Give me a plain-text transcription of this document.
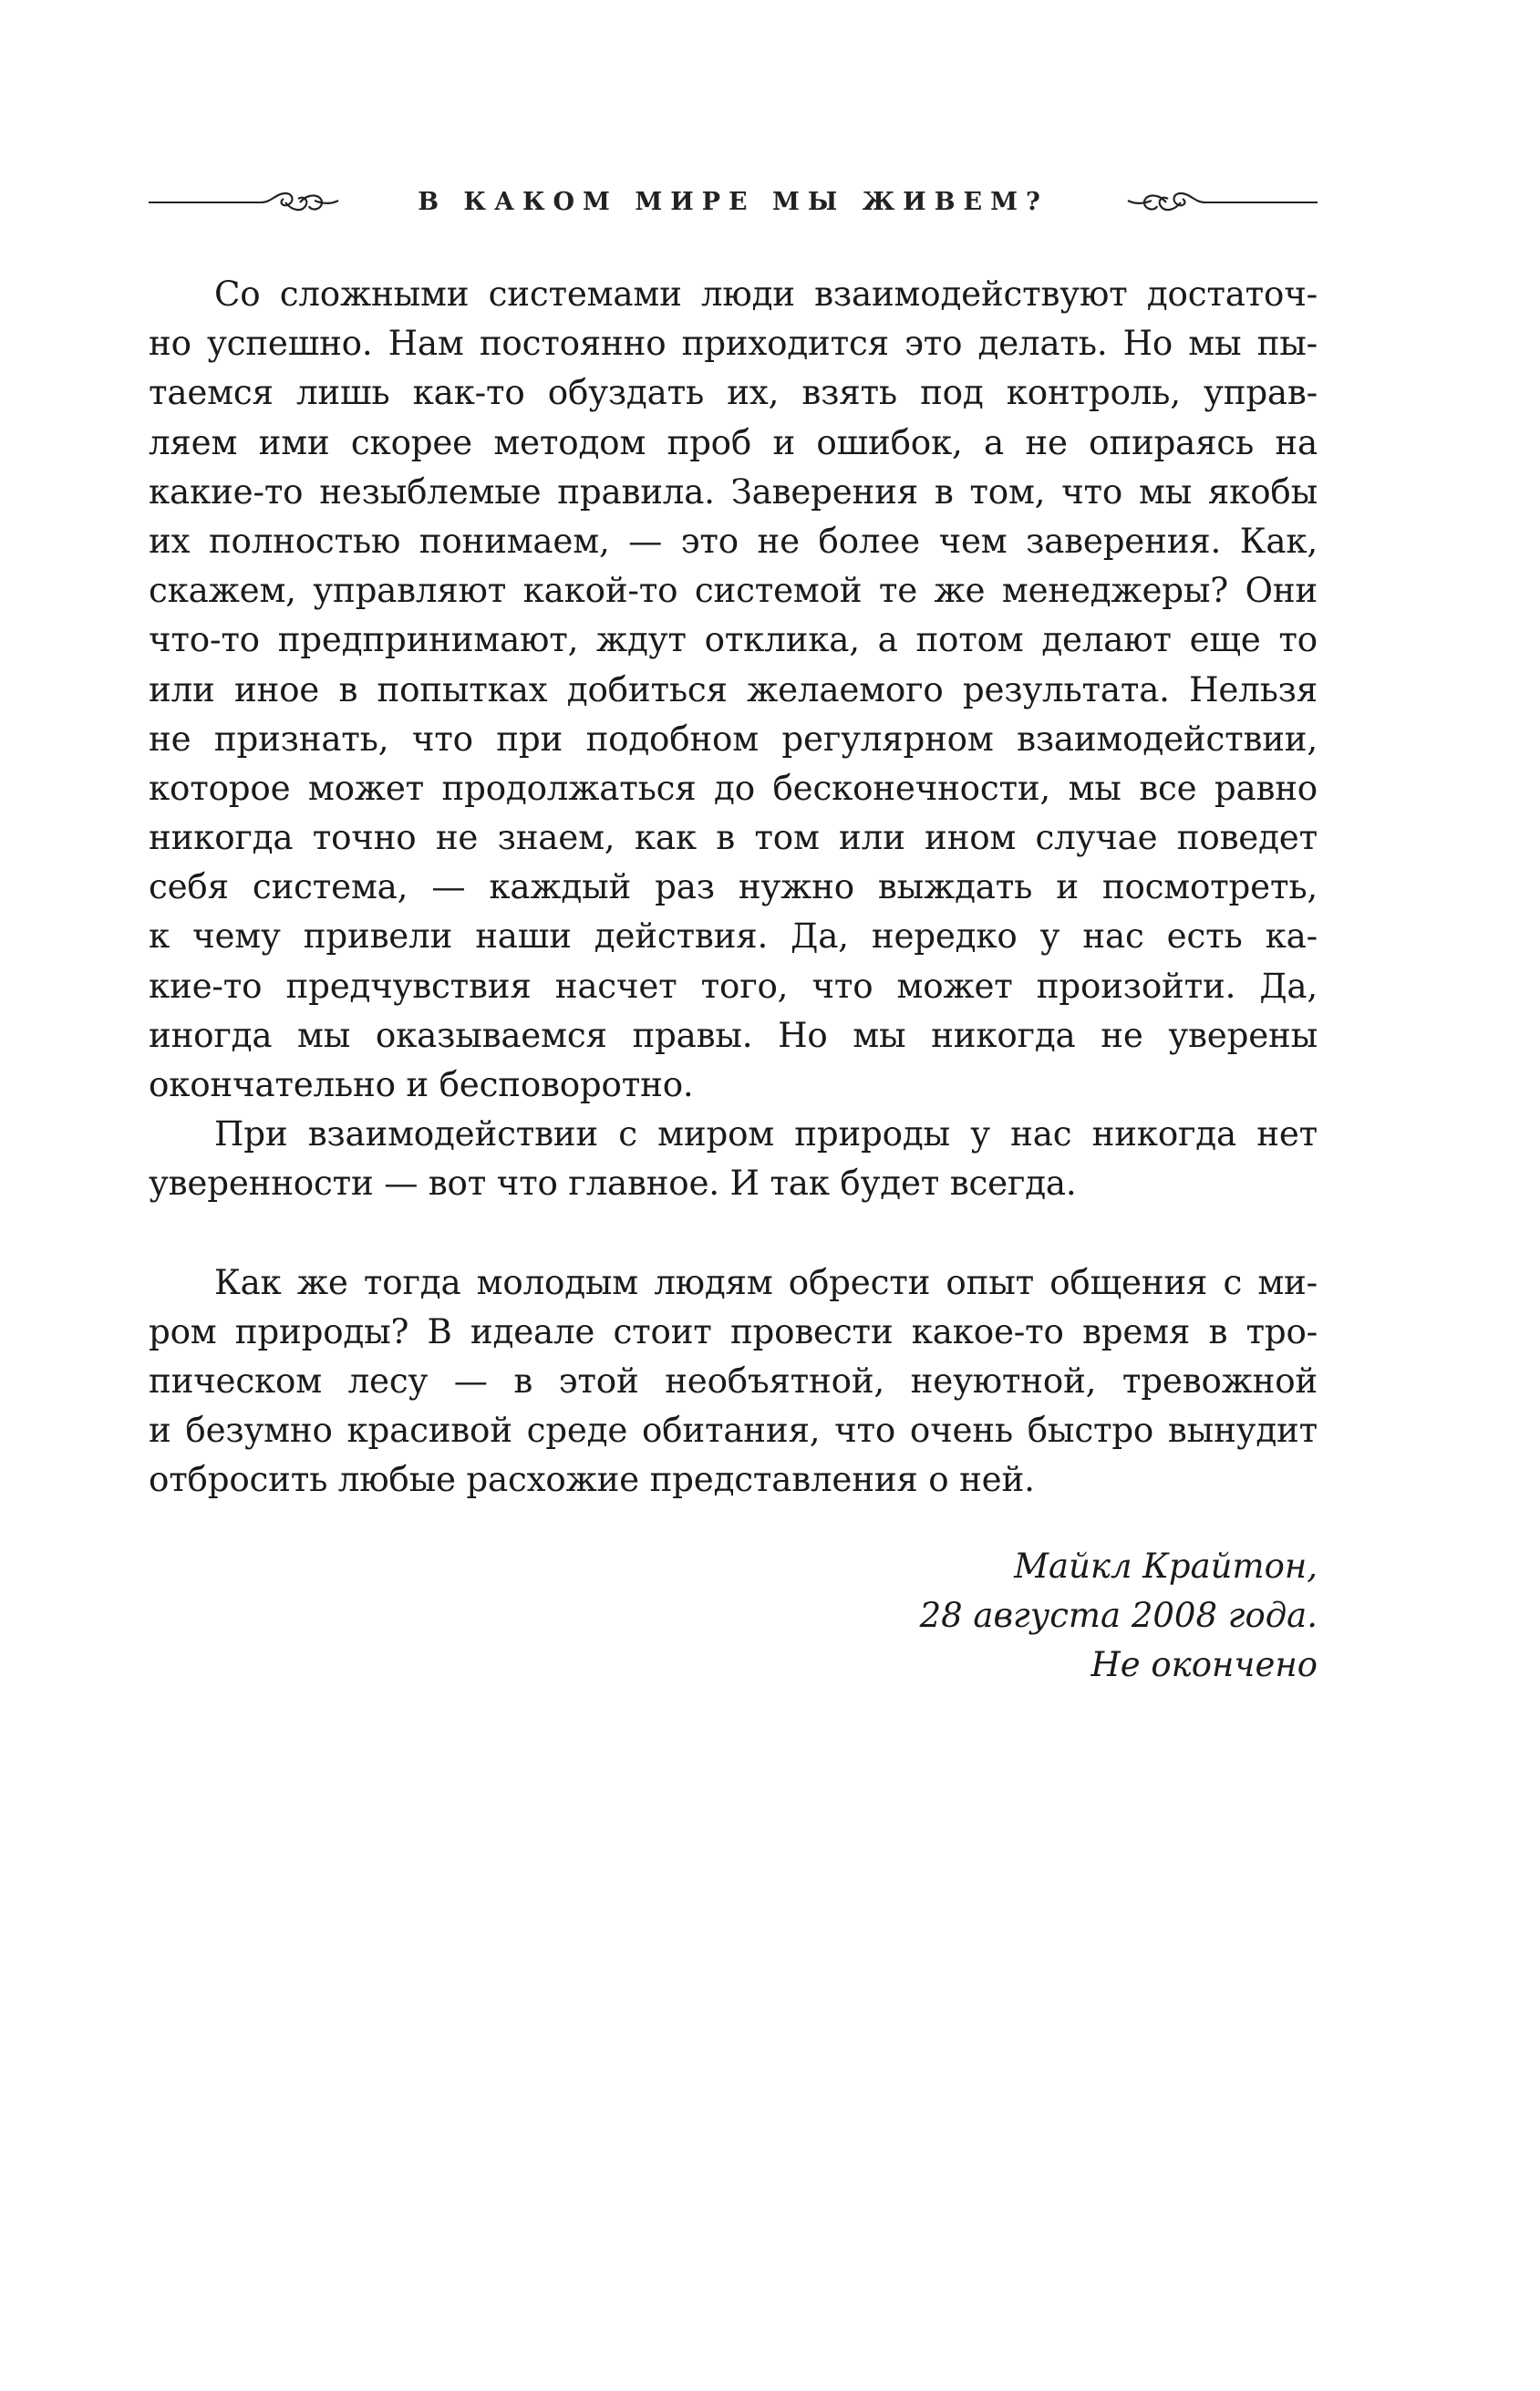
В КАКОМ МИРЕ МЫ ЖИВЕМ?
Со сложными системами люди взаимодействуют достаточ-
но успешно. Нам постоянно приходится это делать. Но мы пы-
таемся лишь как-то обуздать их, взять под контроль, управ-
ляем ими скорее методом проб и ошибок, а не опираясь на
какие-то незыблемые правила. Заверения в том, что мы якобы
их полностью понимаем, — это не более чем заверения. Как,
скажем, управляют какой-то системой те же менеджеры? Они
что-то предпринимают, ждут отклика, а потом делают еще то
или иное в попытках добиться желаемого результата. Нельзя
не признать, что при подобном регулярном взаимодействии,
которое может продолжаться до бесконечности, мы все равно
никогда точно не знаем, как в том или ином случае поведет
себя система, — каждый раз нужно выждать и посмотреть,
к чему привели наши действия. Да, нередко у нас есть ка-
кие-то предчувствия насчет того, что может произойти. Да,
иногда мы оказываемся правы. Но мы никогда не уверены
окончательно и бесповоротно.
При взаимодействии с миром природы у нас никогда нет
уверенности — вот что главное. И так будет всегда.
Как же тогда молодым людям обрести опыт общения с ми-
ром природы? В идеале стоит провести какое-то время в тро-
пическом лесу — в этой необъятной, неуютной, тревожной
и безумно красивой среде обитания, что очень быстро вынудит
отбросить любые расхожие представления о ней.
Майкл Крайтон,
28 августа 2008 года.
Не окончено
